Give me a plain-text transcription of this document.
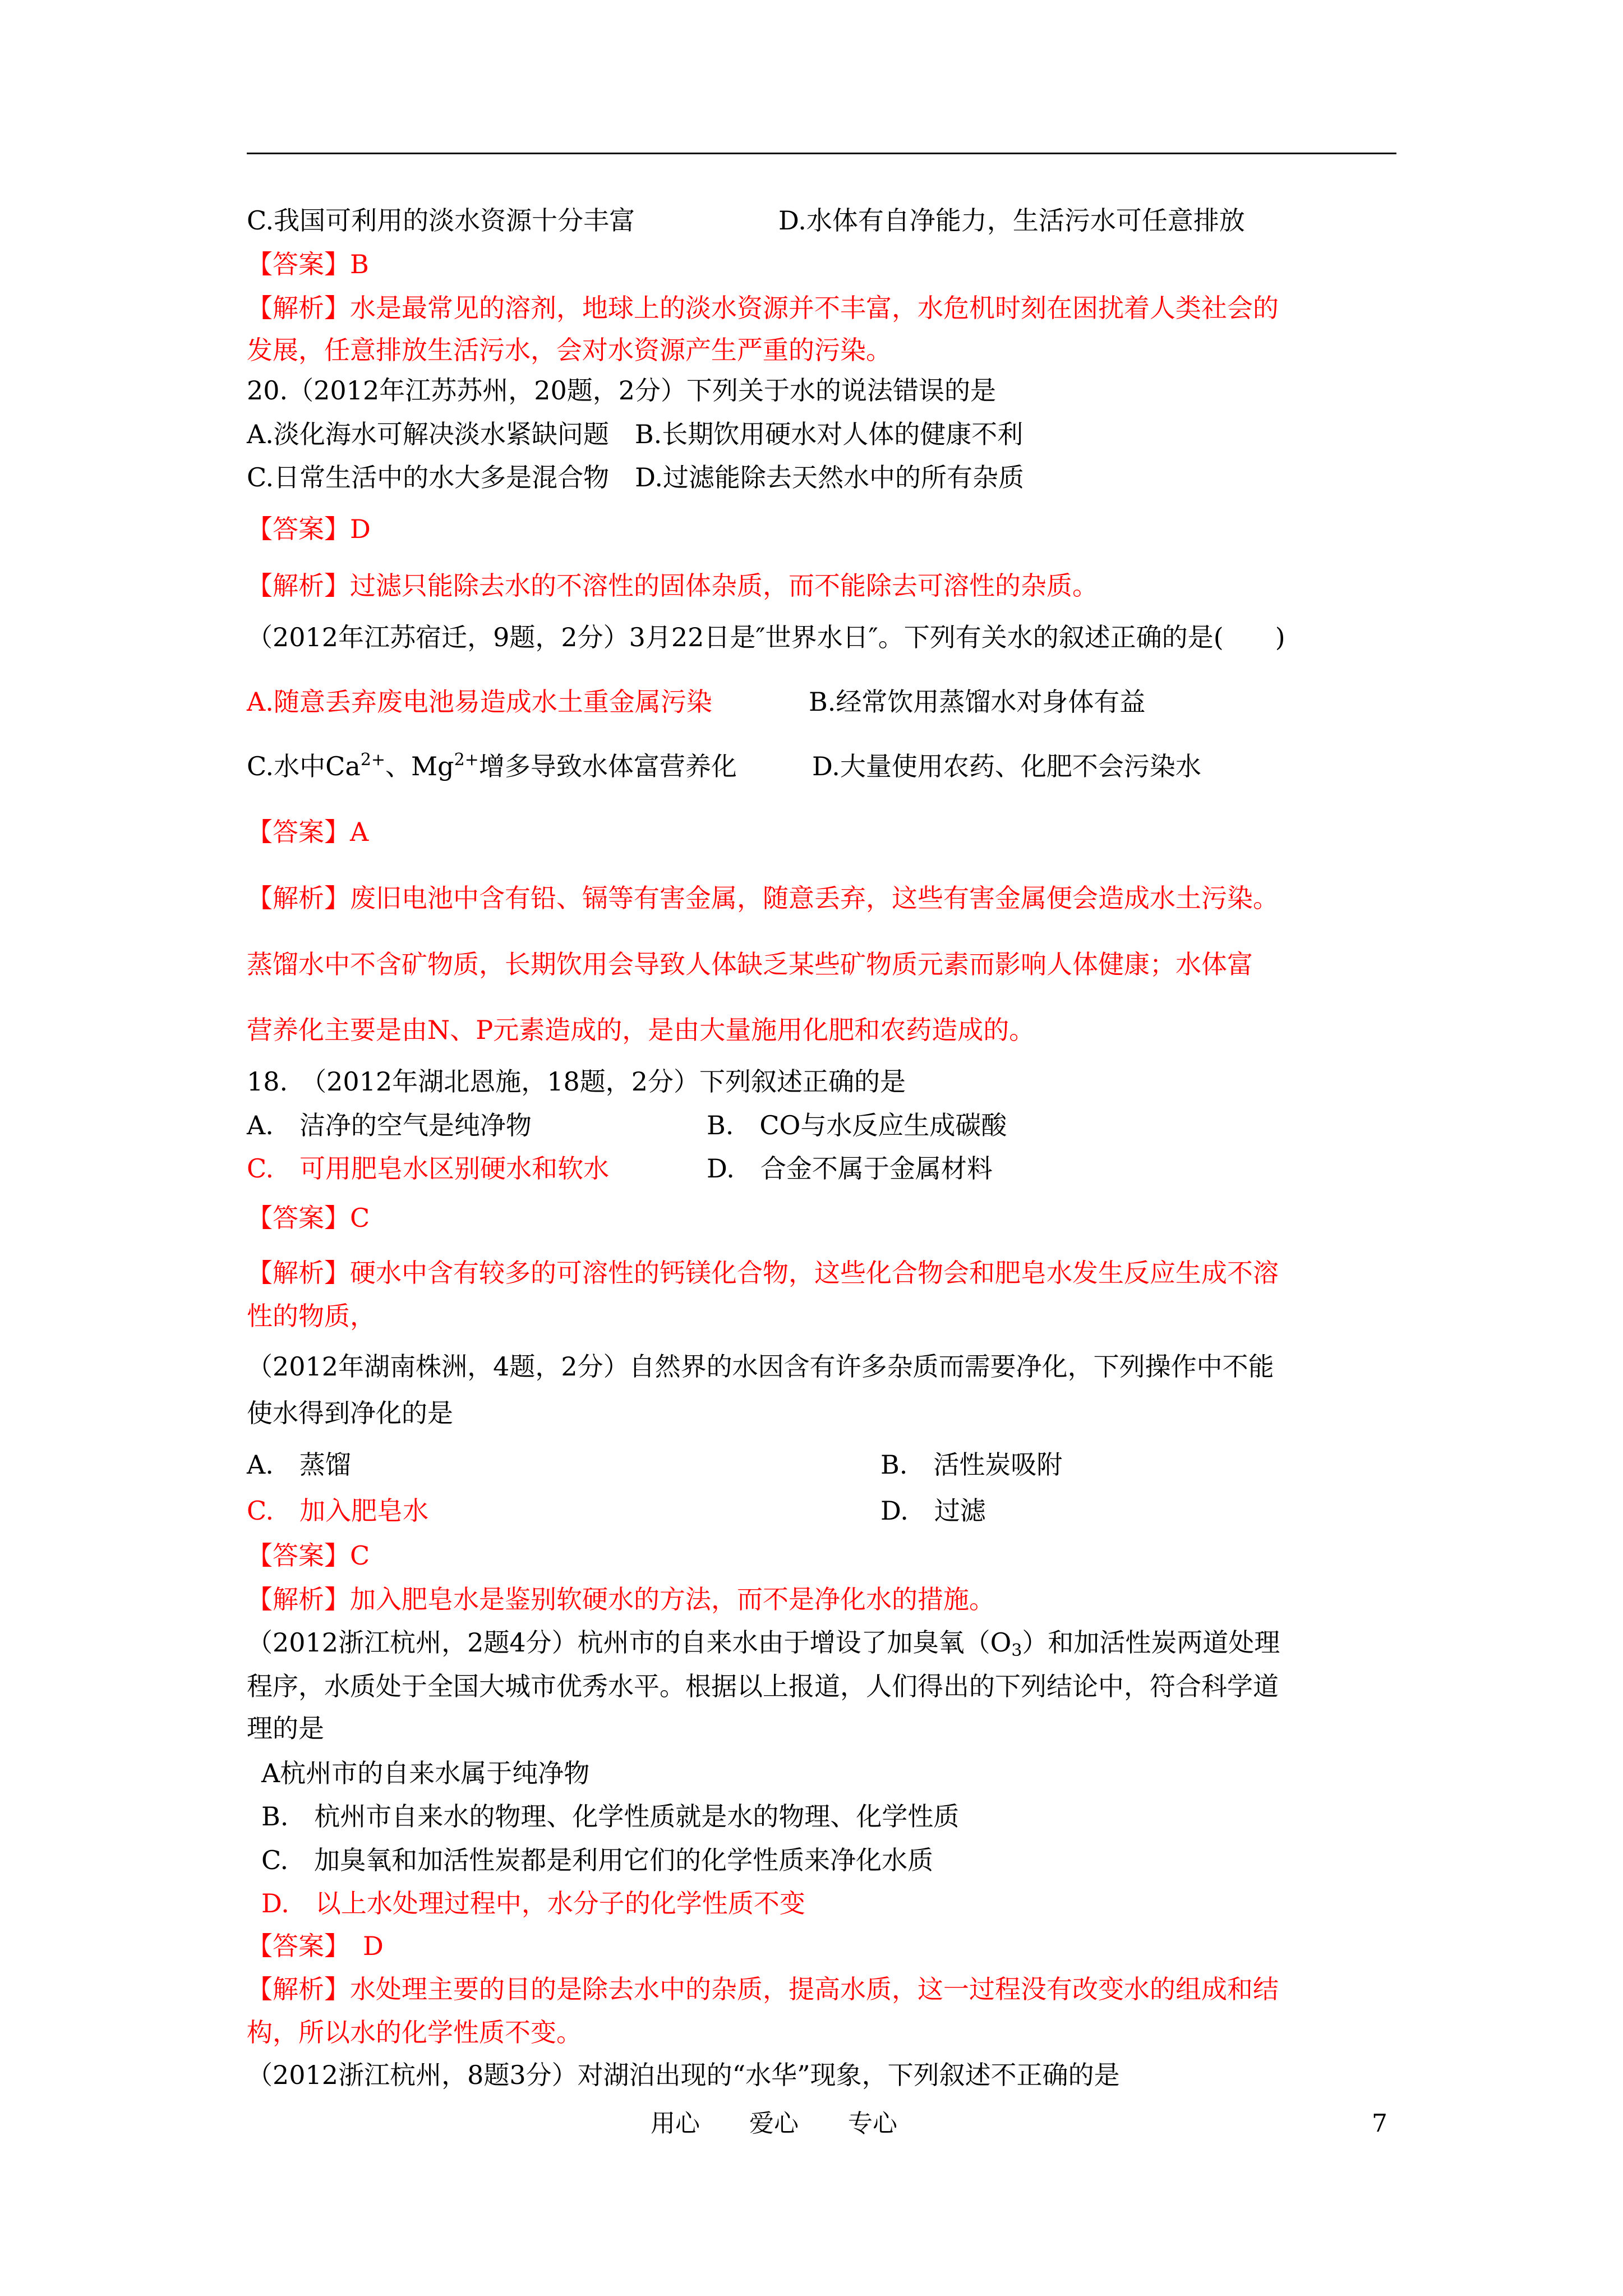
C.我国可利用的淡水资源十分丰富	D.水体有自净能力，生活污水可任意排放
【答案】B
【解析】水是最常见的溶剂，地球上的淡水资源并不丰富，水危机时刻在困扰着人类社会的
发展，任意排放生活污水，会对水资源产生严重的污染。
20.（2012年江苏苏州，20题，2分）下列关于水的说法错误的是
A.淡化海水可解决淡水紧缺问题　B.长期饮用硬水对人体的健康不利
C.日常生活中的水大多是混合物　D.过滤能除去天然水中的所有杂质
【答案】D
【解析】过滤只能除去水的不溶性的固体杂质，而不能除去可溶性的杂质。
（2012年江苏宿迁，9题，2分）3月22日是″世界水日″。下列有关水的叙述正确的是(　　)
A.随意丢弃废电池易造成水土重金属污染	B.经常饮用蒸馏水对身体有益
C.水中$Ca^{2+}$、$Mg^{2+}$增多导致水体富营养化	D.大量使用农药、化肥不会污染水
【答案】A
【解析】废旧电池中含有铅、镉等有害金属，随意丢弃，这些有害金属便会造成水土污染。
蒸馏水中不含矿物质，长期饮用会导致人体缺乏某些矿物质元素而影响人体健康；水体富
营养化主要是由N、P元素造成的，是由大量施用化肥和农药造成的。
18.　（2012年湖北恩施，18题，2分）下列叙述正确的是
A.　洁净的空气是纯净物	B.　CO与水反应生成碳酸
C.　可用肥皂水区别硬水和软水	D.　合金不属于金属材料
【答案】C
【解析】硬水中含有较多的可溶性的钙镁化合物，这些化合物会和肥皂水发生反应生成不溶
性的物质，
（2012年湖南株洲，4题，2分）自然界的水因含有许多杂质而需要净化，下列操作中不能
使水得到净化的是
A.　蒸馏	B.　活性炭吸附
C.　加入肥皂水	D.　过滤
【答案】C
【解析】加入肥皂水是鉴别软硬水的方法，而不是净化水的措施。
（2012浙江杭州，2题4分）杭州市的自来水由于增设了加臭氧$(O_3)$和加活性炭两道处理
程序，水质处于全国大城市优秀水平。根据以上报道，人们得出的下列结论中，符合科学道
理的是
A杭州市的自来水属于纯净物
B.　杭州市自来水的物理、化学性质就是水的物理、化学性质
C.　加臭氧和加活性炭都是利用它们的化学性质来净化水质
D.　以上水处理过程中，水分子的化学性质不变
【答案】　D
【解析】水处理主要的目的是除去水中的杂质，提高水质，这一过程没有改变水的组成和结
构，所以水的化学性质不变。
（2012浙江杭州，8题3分）对湖泊出现的“水华”现象，下列叙述不正确的是
用心　　爱心　　专心	7
